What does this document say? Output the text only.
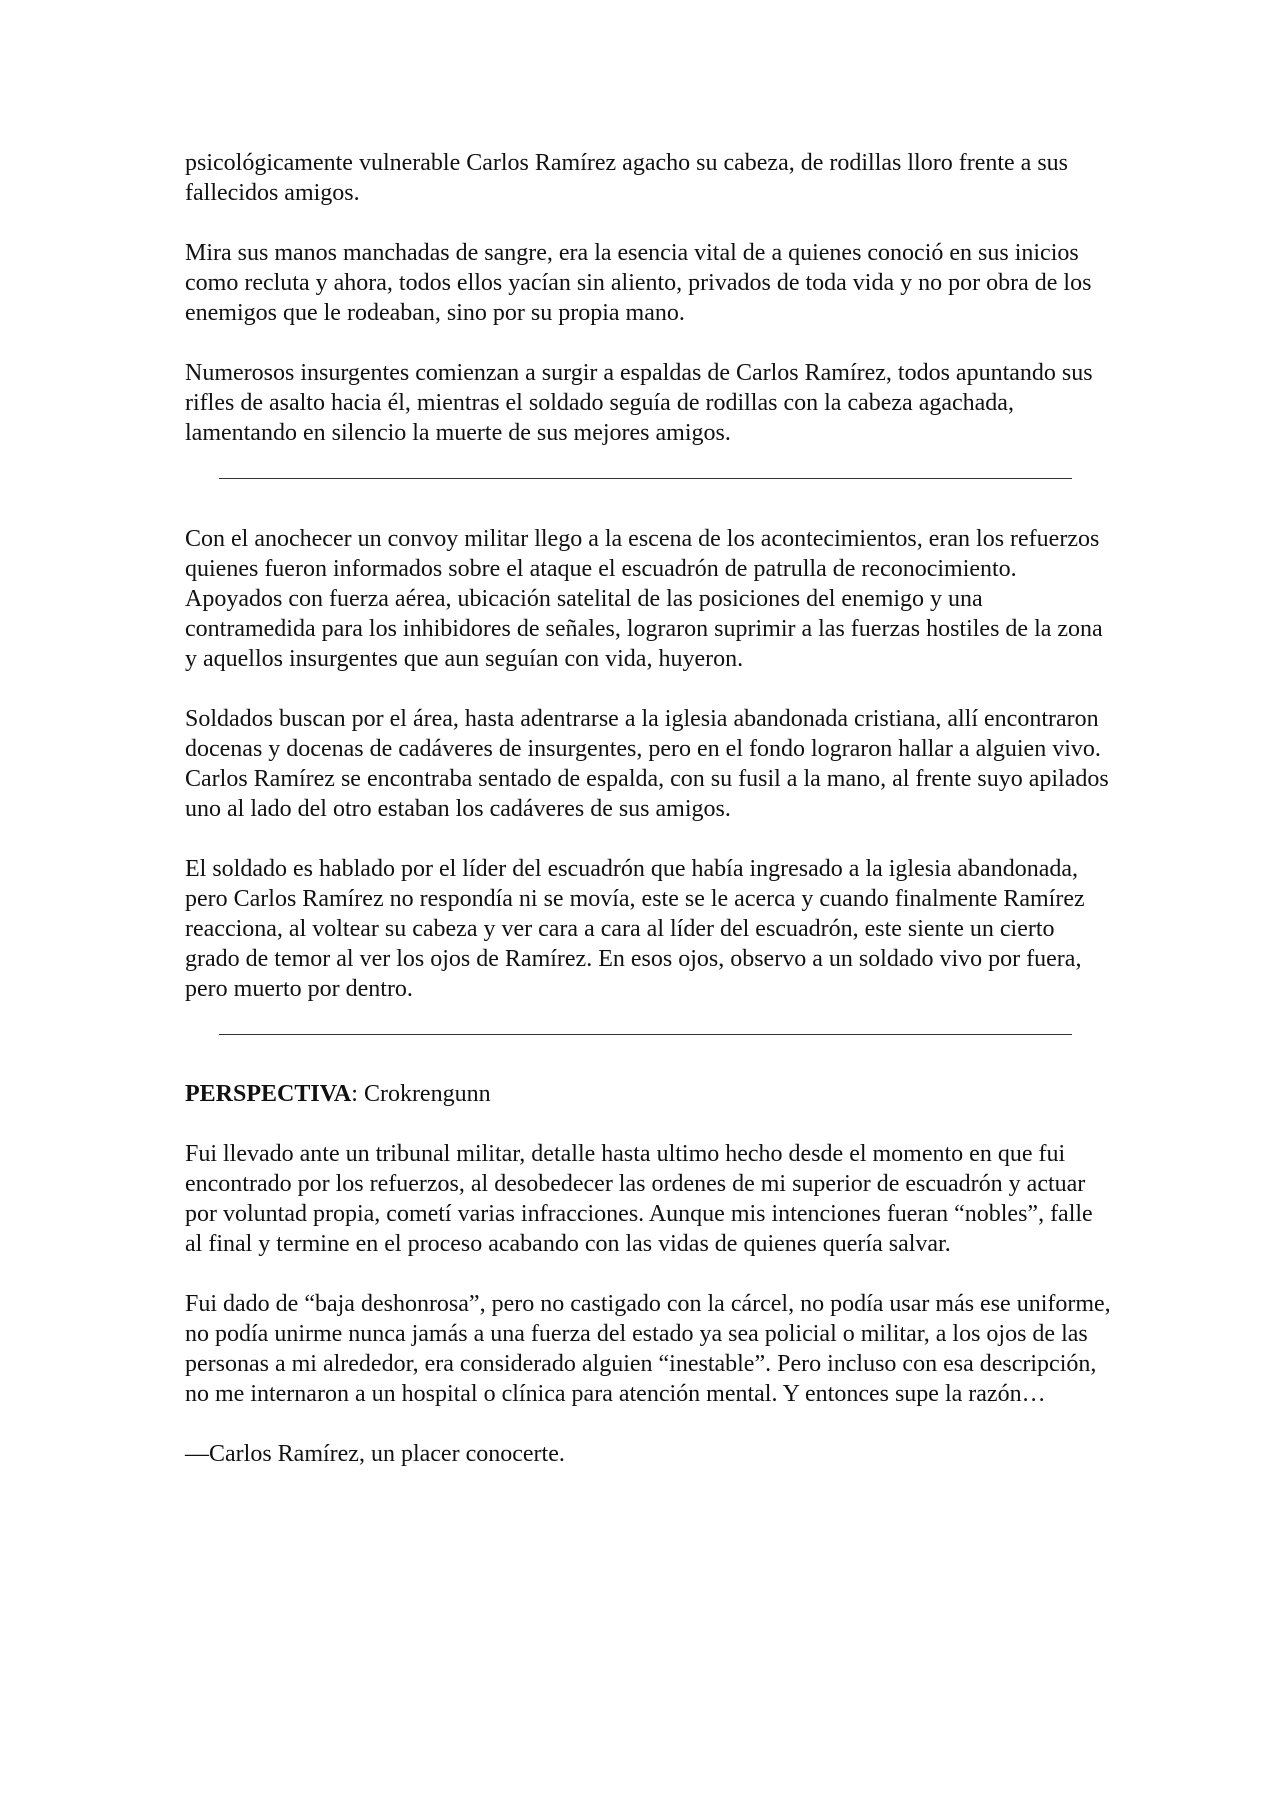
psicológicamente vulnerable Carlos Ramírez agacho su cabeza, de rodillas lloro frente a sus fallecidos amigos.

Mira sus manos manchadas de sangre, era la esencia vital de a quienes conoció en sus inicios como recluta y ahora, todos ellos yacían sin aliento, privados de toda vida y no por obra de los enemigos que le rodeaban, sino por su propia mano.

Numerosos insurgentes comienzan a surgir a espaldas de Carlos Ramírez, todos apuntando sus rifles de asalto hacia él, mientras el soldado seguía de rodillas con la cabeza agachada, lamentando en silencio la muerte de sus mejores amigos.

Con el anochecer un convoy militar llego a la escena de los acontecimientos, eran los refuerzos quienes fueron informados sobre el ataque el escuadrón de patrulla de reconocimiento. Apoyados con fuerza aérea, ubicación satelital de las posiciones del enemigo y una contramedida para los inhibidores de señales, lograron suprimir a las fuerzas hostiles de la zona y aquellos insurgentes que aun seguían con vida, huyeron.

Soldados buscan por el área, hasta adentrarse a la iglesia abandonada cristiana, allí encontraron docenas y docenas de cadáveres de insurgentes, pero en el fondo lograron hallar a alguien vivo. Carlos Ramírez se encontraba sentado de espalda, con su fusil a la mano, al frente suyo apilados uno al lado del otro estaban los cadáveres de sus amigos.

El soldado es hablado por el líder del escuadrón que había ingresado a la iglesia abandonada, pero Carlos Ramírez no respondía ni se movía, este se le acerca y cuando finalmente Ramírez reacciona, al voltear su cabeza y ver cara a cara al líder del escuadrón, este siente un cierto grado de temor al ver los ojos de Ramírez. En esos ojos, observo a un soldado vivo por fuera, pero muerto por dentro.

PERSPECTIVA: Crokrengunn

Fui llevado ante un tribunal militar, detalle hasta ultimo hecho desde el momento en que fui encontrado por los refuerzos, al desobedecer las ordenes de mi superior de escuadrón y actuar por voluntad propia, cometí varias infracciones. Aunque mis intenciones fueran “nobles”, falle al final y termine en el proceso acabando con las vidas de quienes quería salvar.

Fui dado de “baja deshonrosa”, pero no castigado con la cárcel, no podía usar más ese uniforme, no podía unirme nunca jamás a una fuerza del estado ya sea policial o militar, a los ojos de las personas a mi alrededor, era considerado alguien “inestable”. Pero incluso con esa descripción, no me internaron a un hospital o clínica para atención mental. Y entonces supe la razón…

—Carlos Ramírez, un placer conocerte.
